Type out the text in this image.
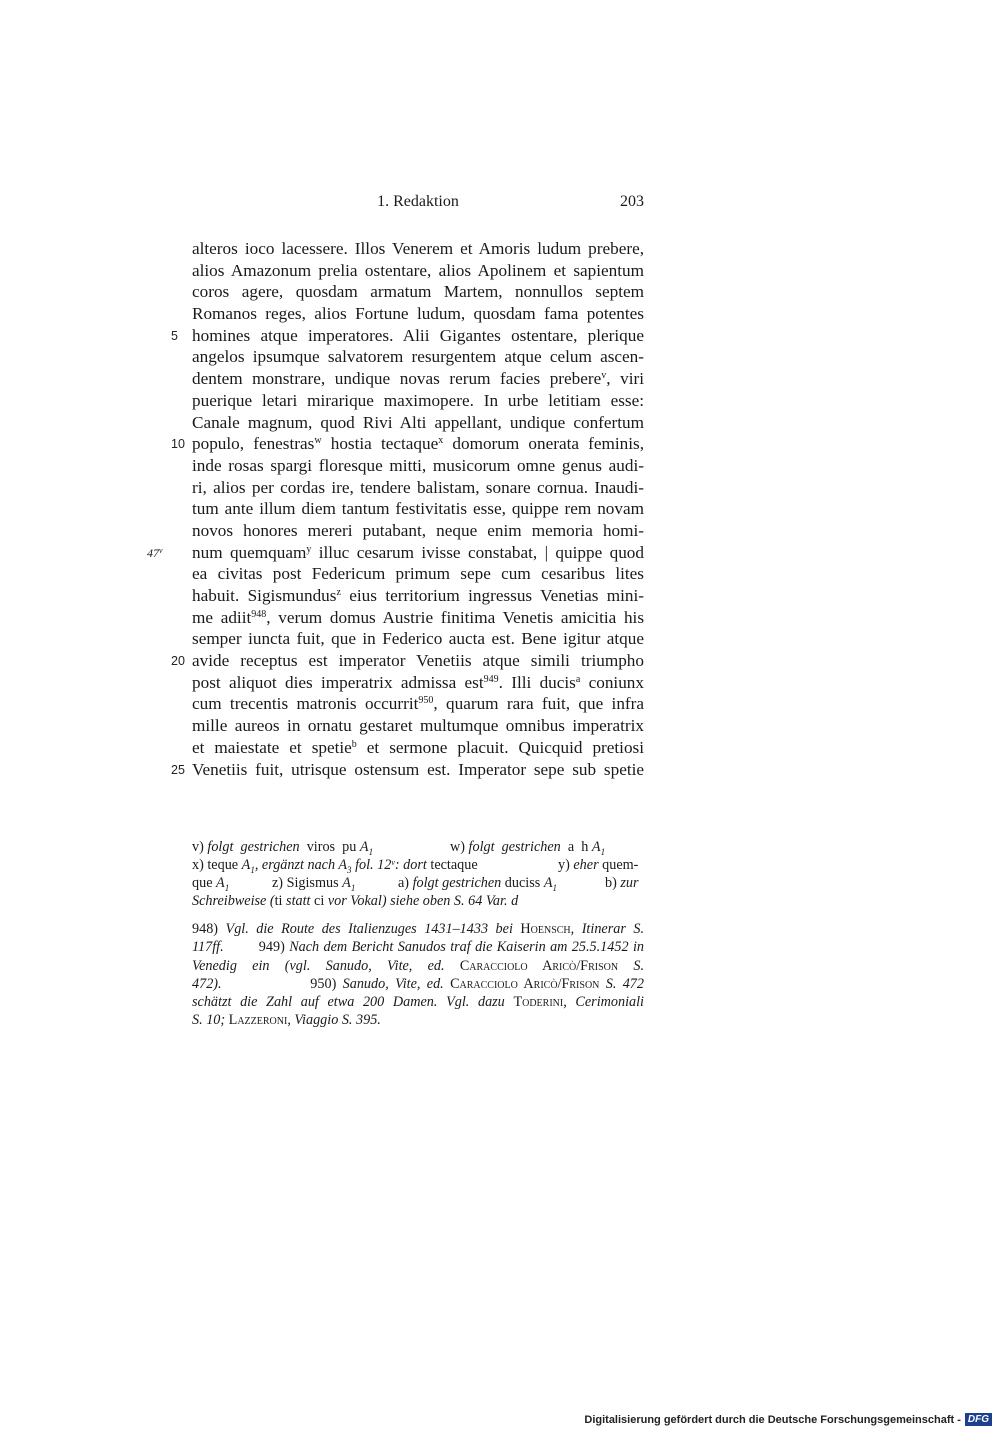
1. Redaktion	203
alteros ioco lacessere. Illos Venerem et Amoris ludum prebere,
alios Amazonum prelia ostentare, alios Apolinem et sapientum
coros agere, quosdam armatum Martem, nonnullos septem
Romanos reges, alios Fortune ludum, quosdam fama potentes
5 homines atque imperatores. Alii Gigantes ostentare, plerique
angelos ipsumque salvatorem resurgentem atque celum ascen-
dentem monstrare, undique novas rerum facies prebere$^v$, viri
puerique letari mirarique maximopere. In urbe letitiam esse:
Canale magnum, quod Rivi Alti appellant, undique confertum
10 populo, fenestras$^w$ hostia tectaque$^x$ domorum onerata feminis,
inde rosas spargi floresque mitti, musicorum omne genus audi-
ri, alios per cordas ire, tendere balistam, sonare cornua. Inaudi-
tum ante illum diem tantum festivitatis esse, quippe rem novam
novos honores mereri putabant, neque enim memoria homi-
47$^v$ num quemquam$^y$ illuc cesarum ivisse constabat, | quippe quod
ea civitas post Federicum primum sepe cum cesaribus lites
habuit. Sigismundus$^z$ eius territorium ingressus Venetias mini-
me adiit$^{948}$, verum domus Austrie finitima Venetis amicitia his
semper iuncta fuit, que in Federico aucta est. Bene igitur atque
20 avide receptus est imperator Venetiis atque simili triumpho
post aliquot dies imperatrix admissa est$^{949}$. Illi ducis$^a$ coniunx
cum trecentis matronis occurrit$^{950}$, quarum rara fuit, que infra
mille aureos in ornatu gestaret multumque omnibus imperatrix
et maiestate et spetie$^b$ et sermone placuit. Quicquid pretiosi
25 Venetiis fuit, utrisque ostensum est. Imperator sepe sub spetie
v) folgt  gestrichen  viros  pu $A_1$	w) folgt  gestrichen  a  h $A_1$
x) teque $A_1$, ergänzt nach $A_3$ fol. 12$^v$: dort tectaque	y) eher quem-
que $A_1$	z) Sigismus $A_1$	a) folgt gestrichen duciss $A_1$	b) zur
Schreibweise (ti statt ci vor Vokal) siehe oben S. 64 Var. d
948) Vgl. die Route des Italienzuges 1431–1433 bei Hoensch, Itinerar S.
117ff.        949) Nach dem Bericht Sanudos traf die Kaiserin am 25.5.1452 in
Venedig ein (vgl. Sanudo, Vite, ed. Caracciolo Aricò/Frison S.
472).              950) Sanudo, Vite, ed. Caracciolo Aricò/Frison S. 472
schätzt die Zahl auf etwa 200 Damen. Vgl. dazu Toderini, Cerimoniali
S. 10; Lazzeroni, Viaggio S. 395.
Digitalisierung gefördert durch die Deutsche Forschungsgemeinschaft - DFG
